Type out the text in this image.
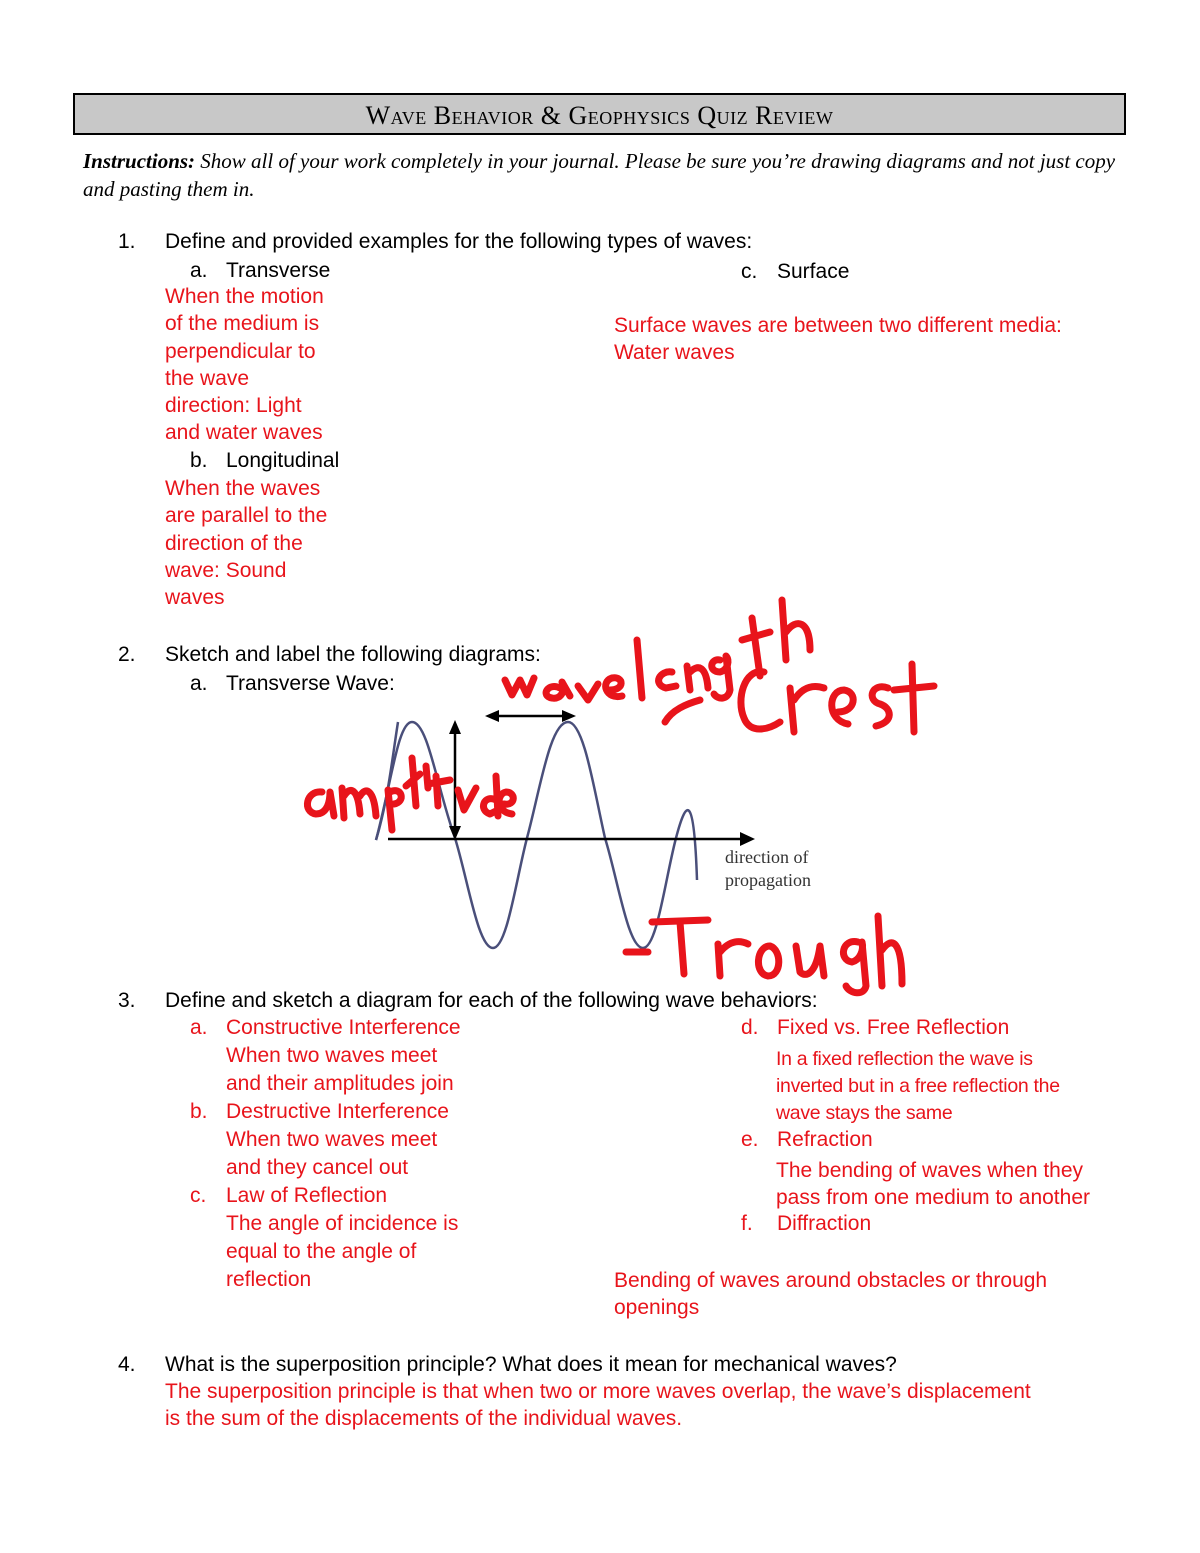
Wave Behavior & Geophysics Quiz Review
Instructions: Show all of your work completely in your journal. Please be sure you’re drawing diagrams and not just copy and pasting them in.
1. Define and provided examples for the following types of waves:
a. Transverse
When the motion
of the medium is
perpendicular to
the wave
direction: Light
and water waves
b. Longitudinal
When the waves
are parallel to the
direction of the
wave: Sound
waves
c. Surface
Surface waves are between two different media:
Water waves
2. Sketch and label the following diagrams:
a. Transverse Wave:
direction of
propagation
3. Define and sketch a diagram for each of the following wave behaviors:
a. Constructive Interference
When two waves meet
and their amplitudes join
b. Destructive Interference
When two waves meet
and they cancel out
c. Law of Reflection
The angle of incidence is
equal to the angle of
reflection
d. Fixed vs. Free Reflection
In a fixed reflection the wave is
inverted but in a free reflection the
wave stays the same
e. Refraction
The bending of waves when they
pass from one medium to another
f. Diffraction
Bending of waves around obstacles or through
openings
4. What is the superposition principle? What does it mean for mechanical waves?
The superposition principle is that when two or more waves overlap, the wave’s displacement
is the sum of the displacements of the individual waves.
